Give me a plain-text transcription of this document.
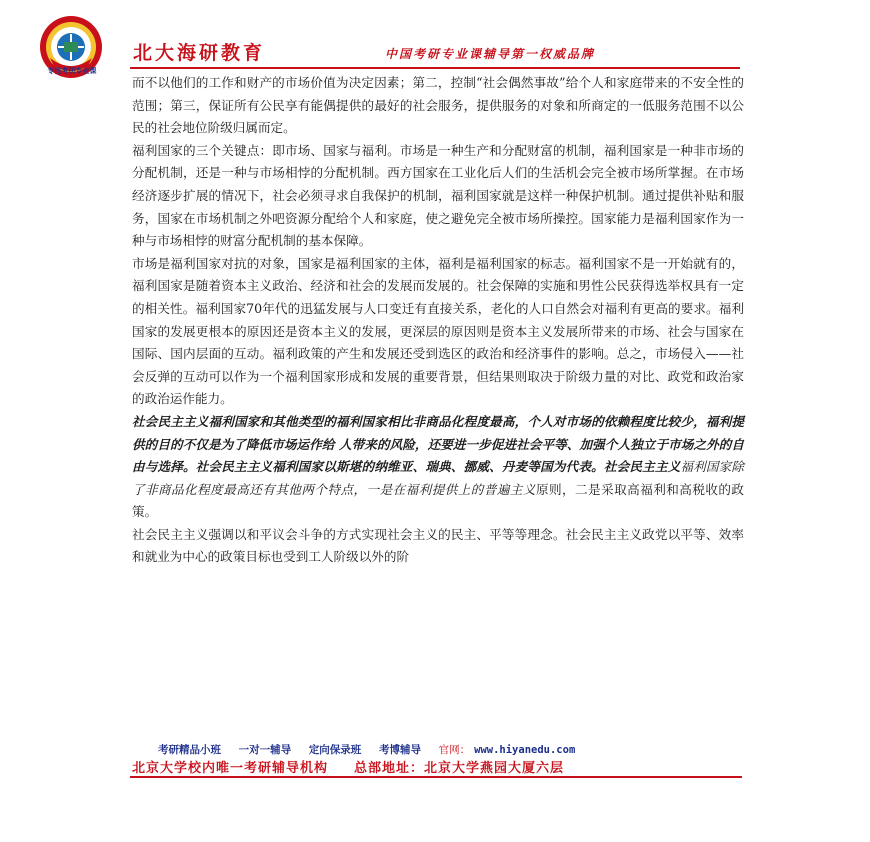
专注考研专业课
北大海研教育	中国考研专业课辅导第一权威品牌

而不以他们的工作和财产的市场价值为决定因素；第二，控制“社会偶然事故”给个人和家庭带来的不安全性的范围；第三，保证所有公民享有能偶提供的最好的社会服务，提供服务的对象和所商定的一低服务范围不以公民的社会地位阶级归属而定。

福利国家的三个关键点：即市场、国家与福利。市场是一种生产和分配财富的机制，福利国家是一种非市场的分配机制，还是一种与市场相悖的分配机制。西方国家在工业化后人们的生活机会完全被市场所掌握。在市场经济逐步扩展的情况下，社会必须寻求自我保护的机制，福利国家就是这样一种保护机制。通过提供补贴和服务，国家在市场机制之外吧资源分配给个人和家庭，使之避免完全被市场所操控。国家能力是福利国家作为一种与市场相悖的财富分配机制的基本保障。

市场是福利国家对抗的对象，国家是福利国家的主体，福利是福利国家的标志。福利国家不是一开始就有的，福利国家是随着资本主义政治、经济和社会的发展而发展的。社会保障的实施和男性公民获得选举权具有一定的相关性。福利国家70年代的迅猛发展与人口变迁有直接关系，老化的人口自然会对福利有更高的要求。福利国家的发展更根本的原因还是资本主义的发展，更深层的原因则是资本主义发展所带来的市场、社会与国家在国际、国内层面的互动。福利政策的产生和发展还受到选区的政治和经济事件的影响。总之，市场侵入——社会反弹的互动可以作为一个福利国家形成和发展的重要背景，但结果则取决于阶级力量的对比、政党和政治家的政治运作能力。

社会民主主义福利国家和其他类型的福利国家相比非商品化程度最高，个人对市场的依赖程度比较少，福利提供的目的不仅是为了降低市场运作给 人带来的风险，还要进一步促进社会平等、加强个人独立于市场之外的自由与选择。社会民主主义福利国家以斯堪的纳维亚、瑞典、挪威、丹麦等国为代表。社会民主主义福利国家除了非商品化程度最高还有其他两个特点，一是在福利提供上的普遍主义原则，二是采取高福利和高税收的政策。

社会民主主义强调以和平议会斗争的方式实现社会主义的民主、平等等理念。社会民主主义政党以平等、效率和就业为中心的政策目标也受到工人阶级以外的阶

考研精品小班 一对一辅导 定向保录班 考博辅导 官网： www.hiyanedu.com
北京大学校内唯一考研辅导机构 总部地址：北京大学燕园大厦六层
